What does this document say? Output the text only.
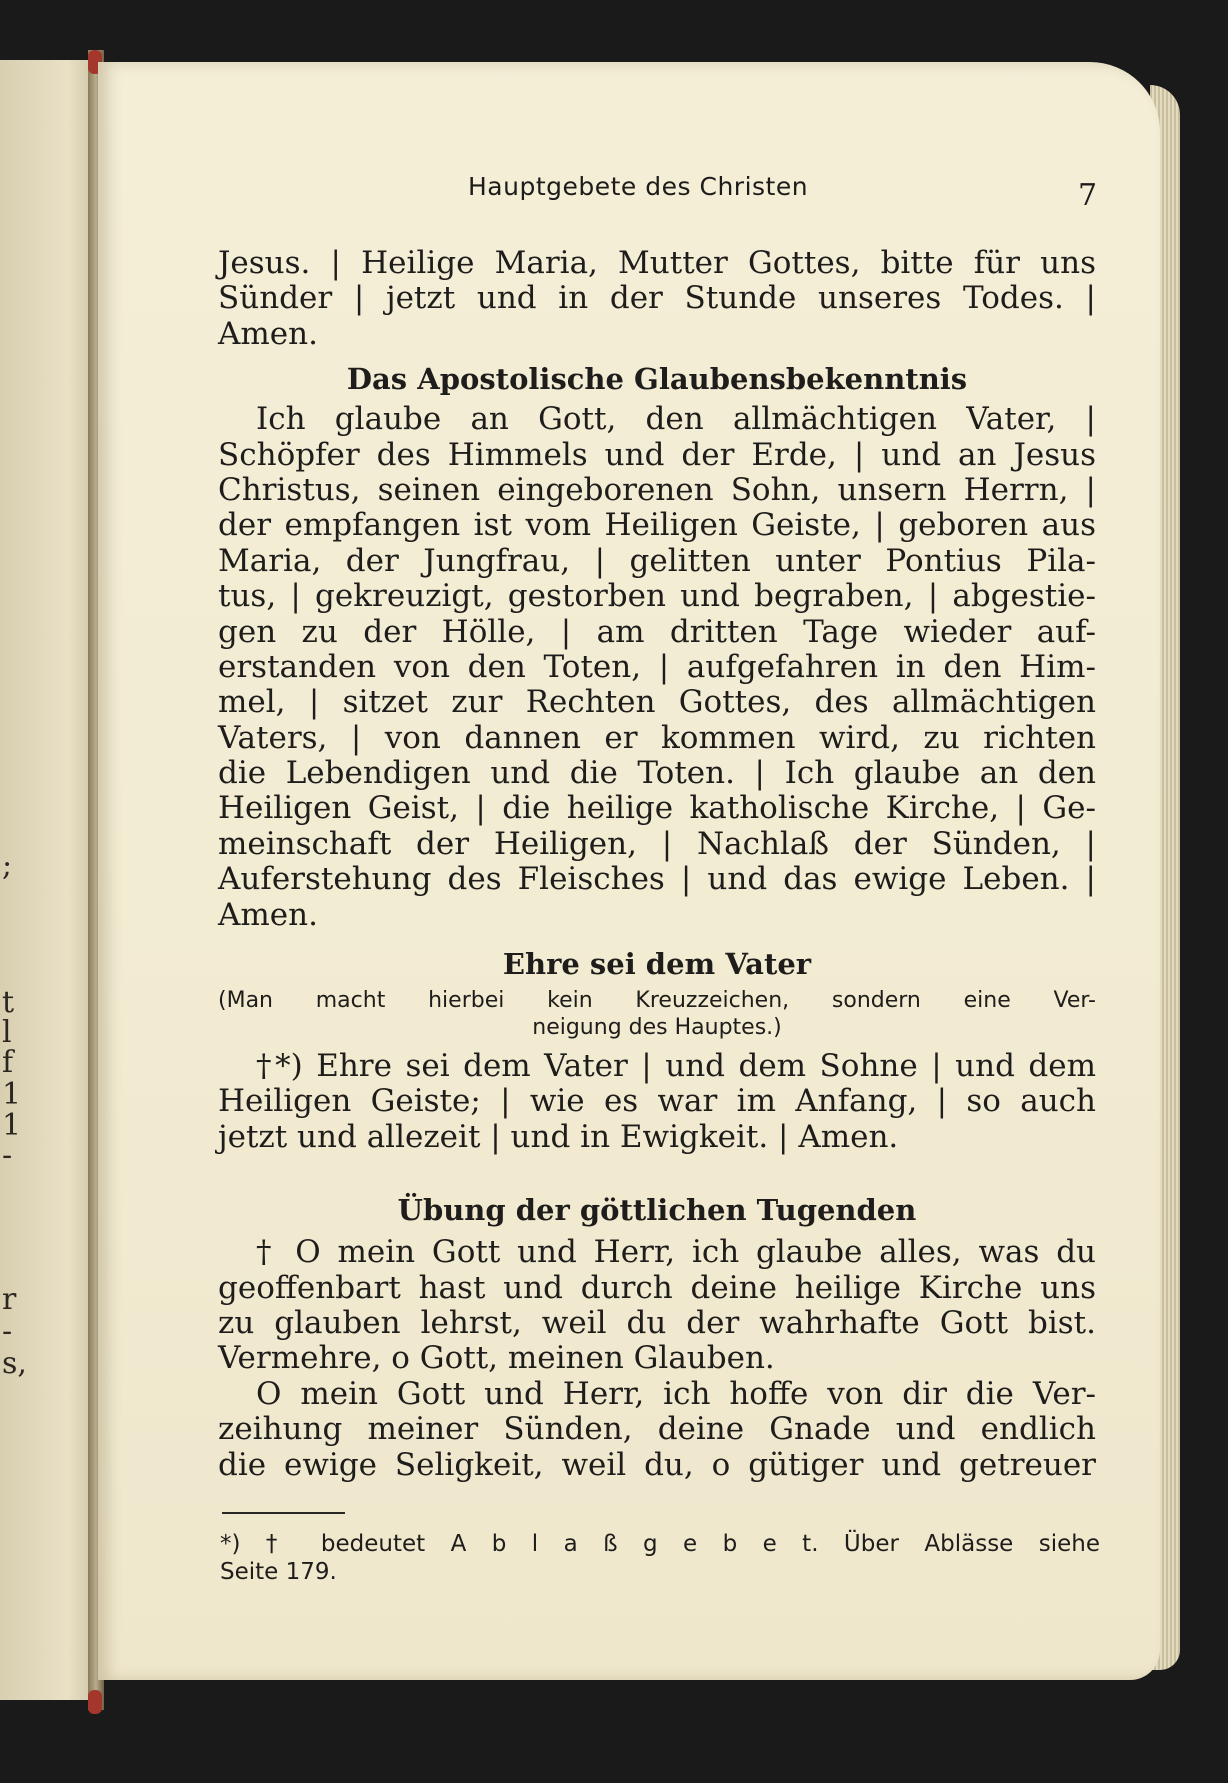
;
t
l
f
1
1
-
r
-
s,
Hauptgebete des Christen	7
Jesus. | Heilige Maria, Mutter Gottes, bitte für uns
Sünder | jetzt und in der Stunde unseres Todes. |
Amen.
Das Apostolische Glaubensbekenntnis
Ich glaube an Gott, den allmächtigen Vater, |
Schöpfer des Himmels und der Erde, | und an Jesus
Christus, seinen eingeborenen Sohn, unsern Herrn, |
der empfangen ist vom Heiligen Geiste, | geboren aus
Maria, der Jungfrau, | gelitten unter Pontius Pila-
tus, | gekreuzigt, gestorben und begraben, | abgestie-
gen zu der Hölle, | am dritten Tage wieder auf-
erstanden von den Toten, | aufgefahren in den Him-
mel, | sitzet zur Rechten Gottes, des allmächtigen
Vaters, | von dannen er kommen wird, zu richten
die Lebendigen und die Toten. | Ich glaube an den
Heiligen Geist, | die heilige katholische Kirche, | Ge-
meinschaft der Heiligen, | Nachlaß der Sünden, |
Auferstehung des Fleisches | und das ewige Leben. |
Amen.
Ehre sei dem Vater
(Man macht hierbei kein Kreuzzeichen, sondern eine Ver-
neigung des Hauptes.)
†*) Ehre sei dem Vater | und dem Sohne | und dem
Heiligen Geiste; | wie es war im Anfang, | so auch
jetzt und allezeit | und in Ewigkeit. | Amen.
Übung der göttlichen Tugenden
† O mein Gott und Herr, ich glaube alles, was du
geoffenbart hast und durch deine heilige Kirche uns
zu glauben lehrst, weil du der wahrhafte Gott bist.
Vermehre, o Gott, meinen Glauben.
O mein Gott und Herr, ich hoffe von dir die Ver-
zeihung meiner Sünden, deine Gnade und endlich
die ewige Seligkeit, weil du, o gütiger und getreuer
*) † bedeutet A b l a ß g e b e t. Über Ablässe siehe
Seite 179.
